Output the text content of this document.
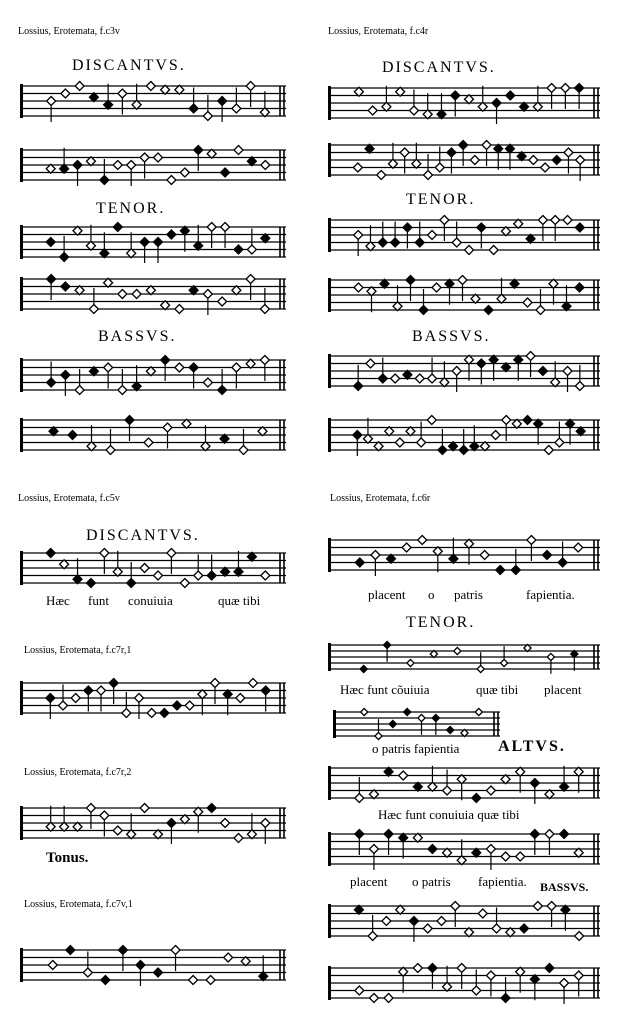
Lossius, Erotemata, f.c3v	Lossius, Erotemata, f.c4r
Lossius, Erotemata, f.c5v	Lossius, Erotemata, f.c6r
Lossius, Erotemata, f.c7r,1
Lossius, Erotemata, f.c7r,2
Lossius, Erotemata, f.c7v,1
DISCANTVS.
TENOR.
BASSVS.
DISCANTVS.
TENOR.
BASSVS.
DISCANTVS.
TENOR.
ALTVS.
BASSVS.
Hæc funt conuiuia	quæ tibi	placent o patris	fapientia.
Hæc funt cõuiuia	quæ tibi placent
o patris fapientia
Hæc funt conuiuia quæ tibi
placent o patris fapientia.
Tonus.
